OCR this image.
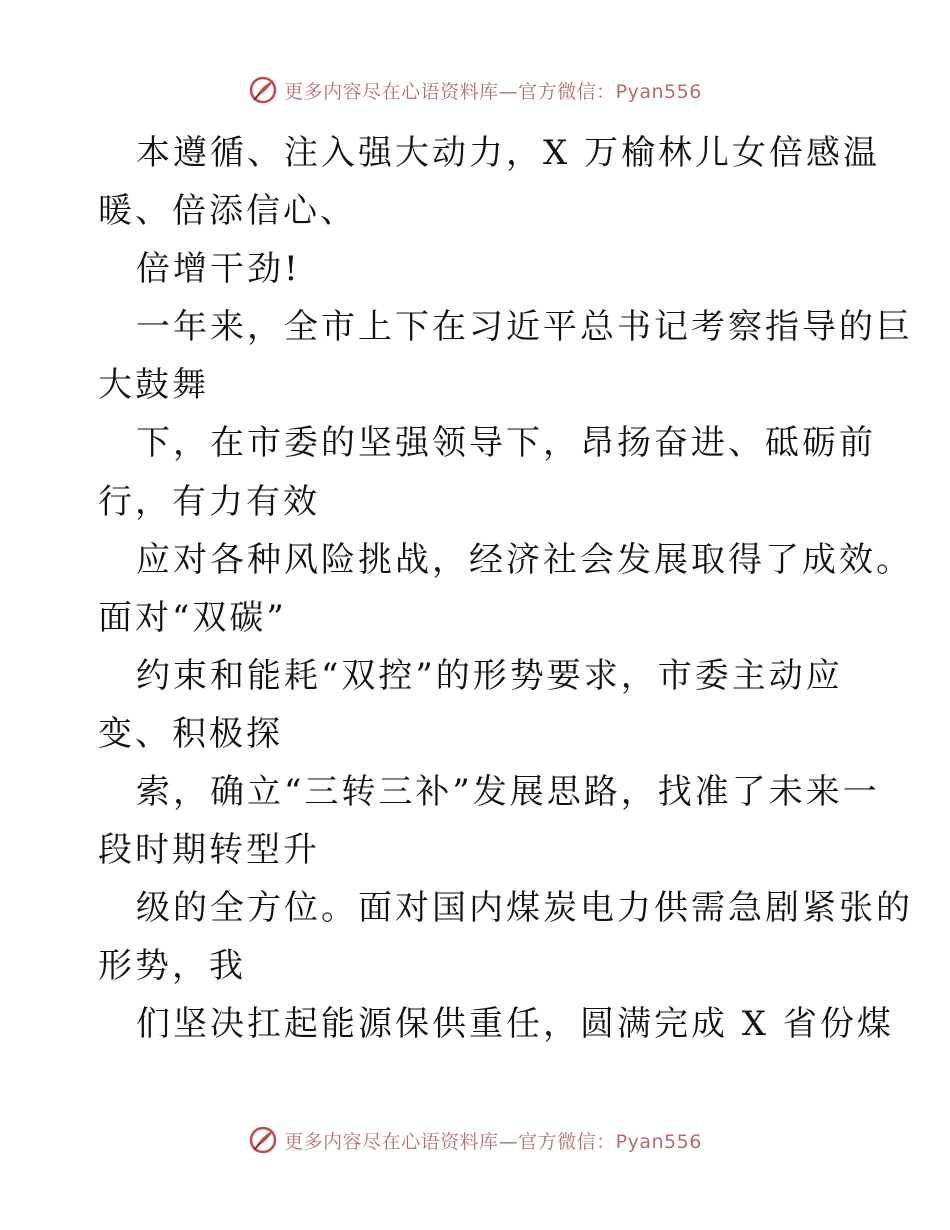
更多内容尽在心语资料库—官方微信：Pyan556
本遵循、注入强大动力，X 万榆林儿女倍感温
暖、倍添信心、
倍增干劲!
一年来，全市上下在习近平总书记考察指导的巨
大鼓舞
下，在市委的坚强领导下，昂扬奋进、砥砺前
行，有力有效
应对各种风险挑战，经济社会发展取得了成效。
面对“双碳”
约束和能耗“双控”的形势要求，市委主动应
变、积极探
索，确立“三转三补”发展思路，找准了未来一
段时期转型升
级的全方位。面对国内煤炭电力供需急剧紧张的
形势，我
们坚决扛起能源保供重任，圆满完成 X 省份煤
更多内容尽在心语资料库—官方微信：Pyan556
